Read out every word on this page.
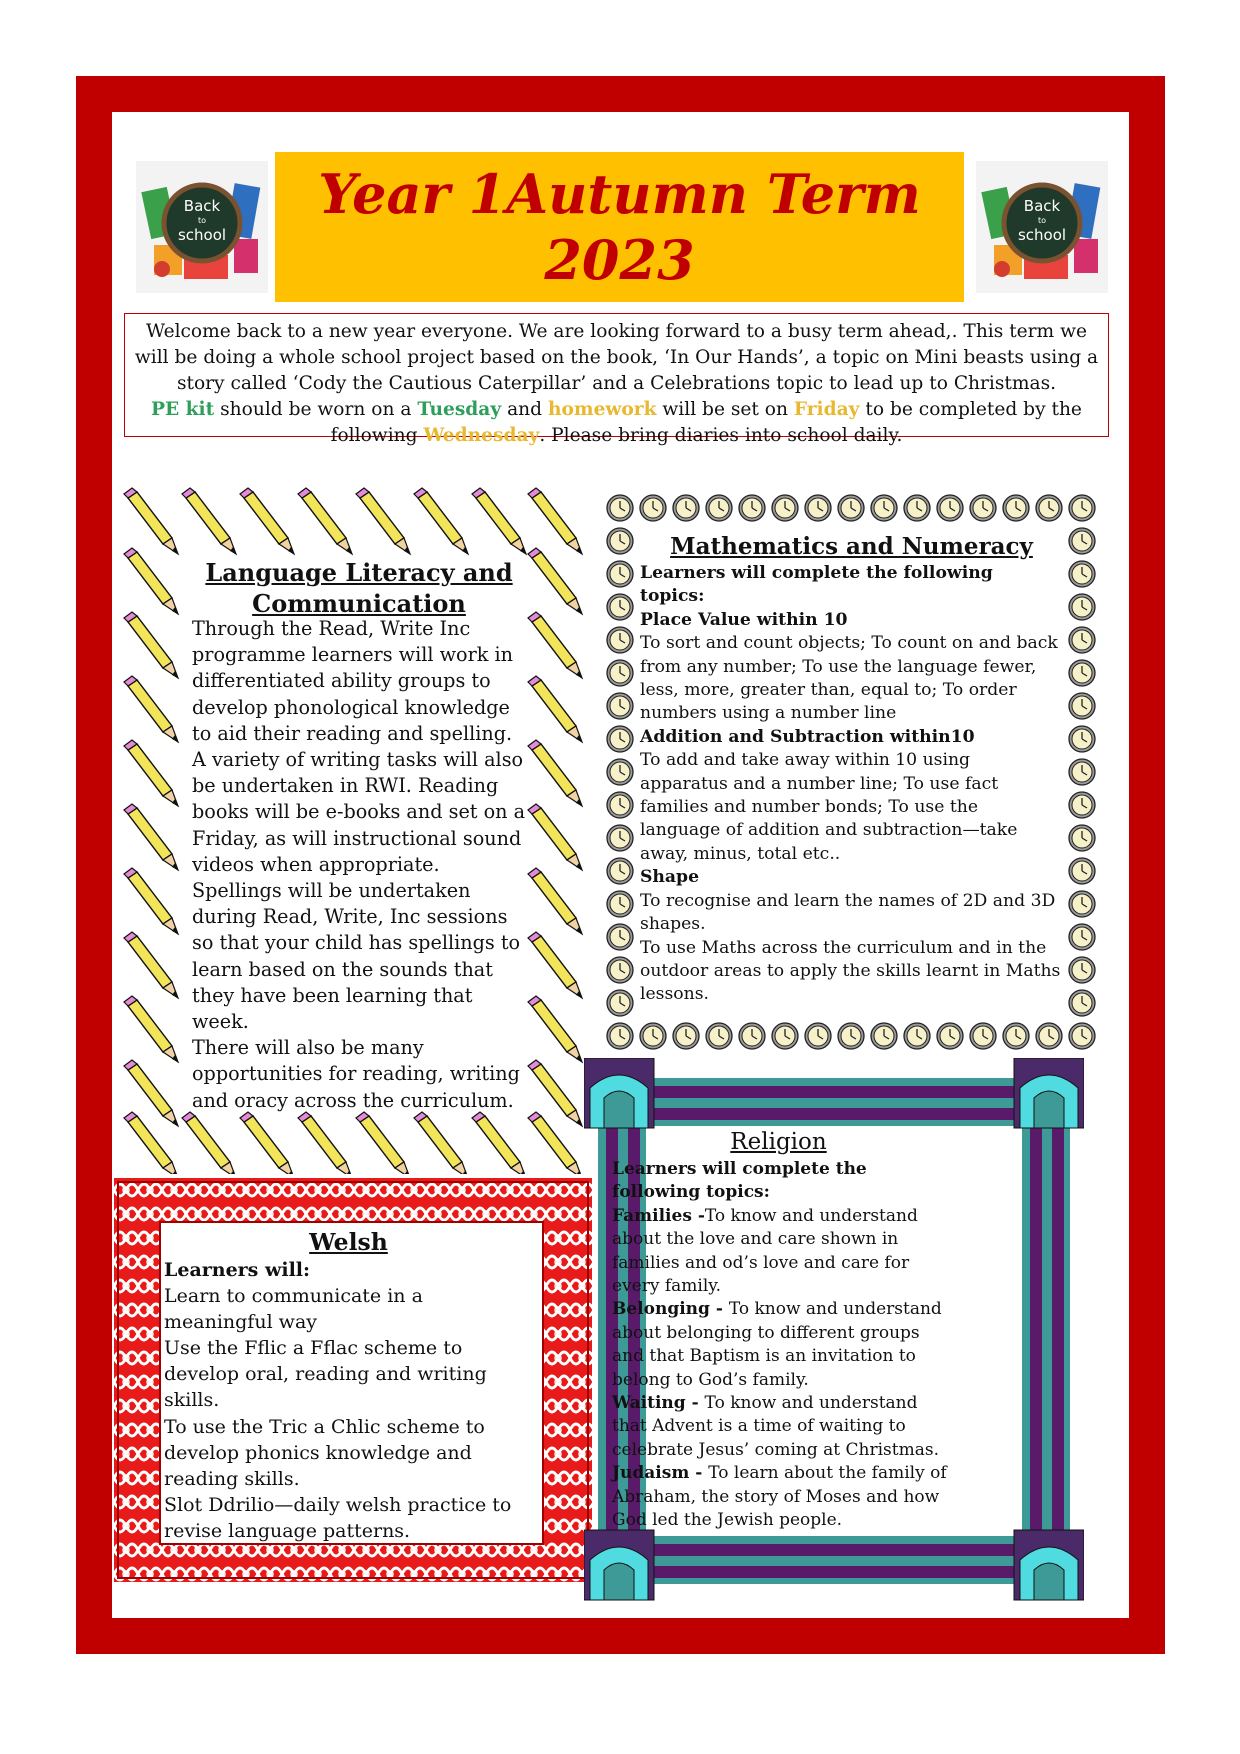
Back
to
school
Year 1Autumn Term 2023
Back
to
school
Welcome back to a new year everyone. We are looking forward to a busy term ahead,. This term we will be doing a whole school project based on the book, ‘In Our Hands’, a topic on Mini beasts using a story called ‘Cody the Cautious Caterpillar’ and a Celebrations topic to lead up to Christmas.
PE kit should be worn on a Tuesday and homework will be set on Friday to be completed by the following Wednesday. Please bring diaries into school daily.
Language Literacy and Communication
Through the Read, Write Inc programme learners will work in differentiated ability groups to develop phonological knowledge to aid their reading and spelling. A variety of writing tasks will also be undertaken in RWI. Reading books will be e-books and set on a Friday, as will instructional sound videos when appropriate. Spellings will be undertaken during Read, Write, Inc sessions so that your child has spellings to learn based on the sounds that they have been learning that week.
There will also be many opportunities for reading, writing and oracy across the curriculum.
Mathematics and Numeracy

Learners will complete the following topics:

Place Value within 10

To sort and count objects; To count on and back from any number; To use the language fewer, less, more, greater than, equal to; To order numbers using a number line

Addition and Subtraction within10

To add and take away within 10 using apparatus and a number line; To use fact families and number bonds; To use the language of addition and subtraction—take away, minus, total etc..

Shape

To recognise and learn the names of 2D and 3D shapes.

To use Maths across the curriculum and in the outdoor areas to apply the skills learnt in Maths lessons.

Welsh
Learners will:
Learn to communicate in a meaningful way
Use the Fflic a Fflac scheme to develop oral, reading and writing skills.
To use the Tric a Chlic scheme to develop phonics knowledge and reading skills.
Slot Ddrilio—daily welsh practice to revise language patterns.
Religion

Learners will complete the following topics:

Families -To know and understand about the love and care shown in families and od’s love and care for every family.

Belonging - To know and understand about belonging to different groups and that Baptism is an invitation to belong to God’s family.

Waiting - To know and understand that Advent is a time of waiting to celebrate Jesus’ coming at Christmas.

Judaism - To learn about the family of Abraham, the story of Moses and how God led the Jewish people.
